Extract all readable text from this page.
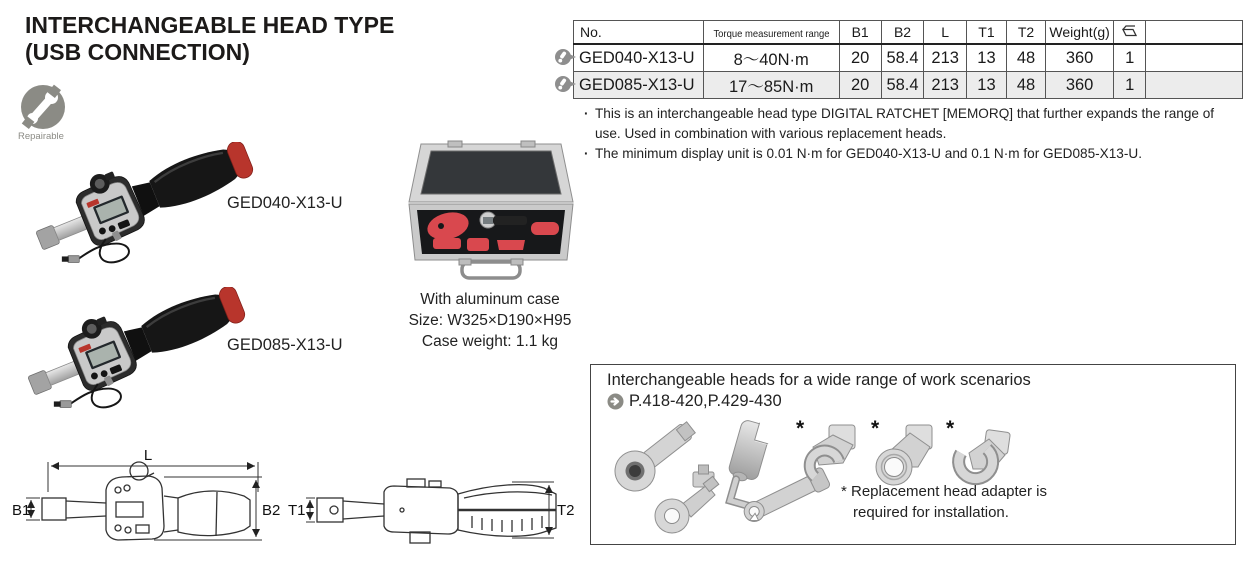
INTERCHANGEABLE HEAD TYPE
(USB CONNECTION)
Repairable
GED040-X13-U
GED085-X13-U
With aluminum case
Size: W325×D190×H95
Case weight: 1.1 kg
No.	Torque measurement range	B1	B2	L	T1	T2	Weight(g)		
GED040-X13-U	8～40N·m	20	58.4	213	13	48	360	1	
GED085-X13-U	17～85N·m	20	58.4	213	13	48	360	1	
· This is an interchangeable head type DIGITAL RATCHET [MEMORQ] that further expands the range of use. Used in combination with various replacement heads.
· The minimum display unit is 0.01 N·m for GED040-X13-U and 0.1 N·m for GED085-X13-U.
Interchangeable heads for a wide range of work scenarios
P.418-420,P.429-430
*	*	*
* Replacement head adapter is
required for installation.
L
B1	B2 T1	T2
